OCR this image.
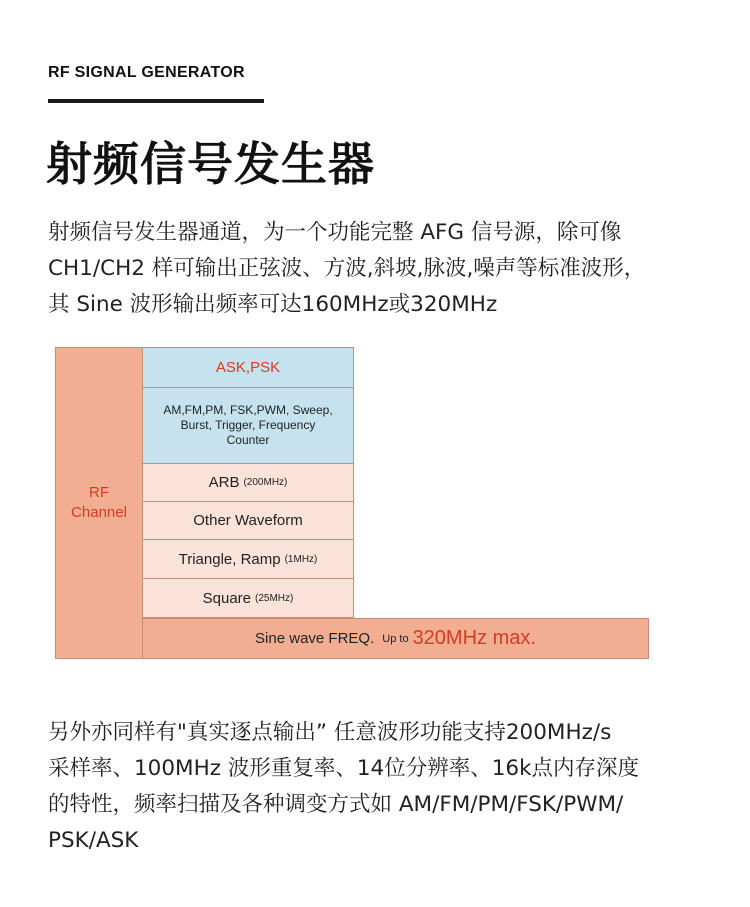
RF SIGNAL GENERATOR
射频信号发生器
射频信号发生器通道，为一个功能完整 AFG 信号源，除可像
CH1/CH2 样可输出正弦波、方波,斜坡,脉波,噪声等标准波形，
其 Sine 波形输出频率可达160MHz或320MHz
RF
Channel
ASK,PSK
AM,FM,PM, FSK,PWM, Sweep,
Burst, Trigger, Frequency
Counter
ARB (200MHz)
Other Waveform
Triangle, Ramp (1MHz)
Square (25MHz)
Sine wave FREQ. Up to 320MHz max.
另外亦同样有"真实逐点输出” 任意波形功能支持200MHz/s
采样率、100MHz 波形重复率、14位分辨率、16k点内存深度
的特性，频率扫描及各种调变方式如 AM/FM/PM/FSK/PWM/
PSK/ASK
